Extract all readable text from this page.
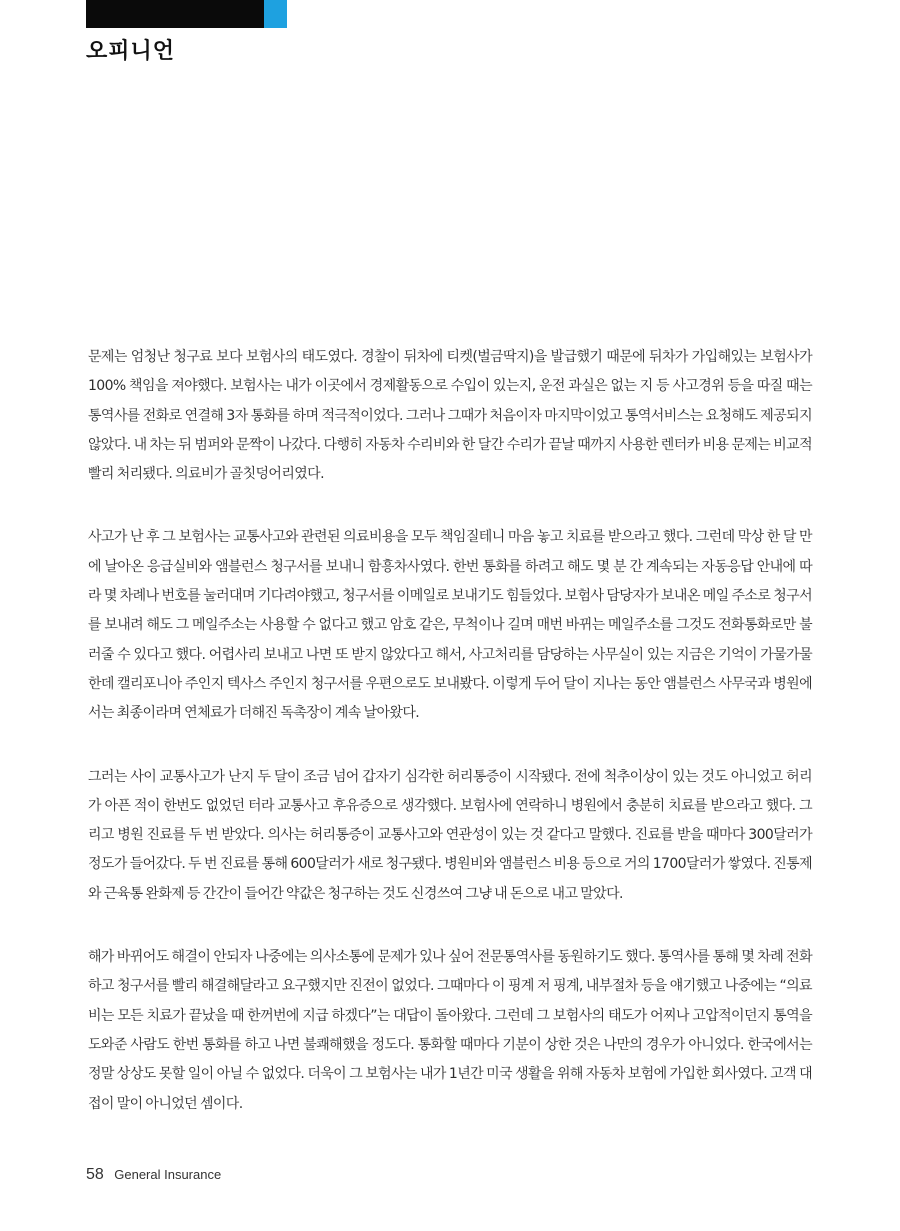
오피니언

문제는 엄청난 청구료 보다 보험사의 태도였다. 경찰이 뒤차에 티켓(벌금딱지)을 발급했기 때문에 뒤차가 가입해있는 보험사가 100% 책임을 져야했다. 보험사는 내가 이곳에서 경제활동으로 수입이 있는지, 운전 과실은 없는 지 등 사고경위 등을 따질 때는 통역사를 전화로 연결해 3자 통화를 하며 적극적이었다. 그러나 그때가 처음이자 마지막이었고 통역서비스는 요청해도 제공되지 않았다. 내 차는 뒤 범퍼와 문짝이 나갔다. 다행히 자동차 수리비와 한 달간 수리가 끝날 때까지 사용한 렌터카 비용 문제는 비교적 빨리 처리됐다. 의료비가 골칫덩어리였다.

사고가 난 후 그 보험사는 교통사고와 관련된 의료비용을 모두 책임질테니 마음 놓고 치료를 받으라고 했다. 그런데 막상 한 달 만에 날아온 응급실비와 앰블런스 청구서를 보내니 함흥차사였다. 한번 통화를 하려고 해도 몇 분 간 계속되는 자동응답 안내에 따라 몇 차례나 번호를 눌러대며 기다려야했고, 청구서를 이메일로 보내기도 힘들었다. 보험사 담당자가 보내온 메일 주소로 청구서를 보내려 해도 그 메일주소는 사용할 수 없다고 했고 암호 같은, 무척이나 길며 매번 바뀌는 메일주소를 그것도 전화통화로만 불러줄 수 있다고 했다. 어렵사리 보내고 나면 또 받지 않았다고 해서, 사고처리를 담당하는 사무실이 있는 지금은 기억이 가물가물한데 캘리포니아 주인지 텍사스 주인지 청구서를 우편으로도 보내봤다. 이렇게 두어 달이 지나는 동안 앰블런스 사무국과 병원에서는 최종이라며 연체료가 더해진 독촉장이 계속 날아왔다.

그러는 사이 교통사고가 난지 두 달이 조금 넘어 갑자기 심각한 허리통증이 시작됐다. 전에 척추이상이 있는 것도 아니었고 허리가 아픈 적이 한번도 없었던 터라 교통사고 후유증으로 생각했다. 보험사에 연락하니 병원에서 충분히 치료를 받으라고 했다. 그리고 병원 진료를 두 번 받았다. 의사는 허리통증이 교통사고와 연관성이 있는 것 같다고 말했다. 진료를 받을 때마다 300달러가 정도가 들어갔다. 두 번 진료를 통해 600달러가 새로 청구됐다. 병원비와 앰블런스 비용 등으로 거의 1700달러가 쌓였다. 진통제와 근육통 완화제 등 간간이 들어간 약값은 청구하는 것도 신경쓰여 그냥 내 돈으로 내고 말았다.

해가 바뀌어도 해결이 안되자 나중에는 의사소통에 문제가 있나 싶어 전문통역사를 동원하기도 했다. 통역사를 통해 몇 차례 전화하고 청구서를 빨리 해결해달라고 요구했지만 진전이 없었다. 그때마다 이 핑계 저 핑계, 내부절차 등을 얘기했고 나중에는 “의료비는 모든 치료가 끝났을 때 한꺼번에 지급 하겠다”는 대답이 돌아왔다. 그런데 그 보험사의 태도가 어찌나 고압적이던지 통역을 도와준 사람도 한번 통화를 하고 나면 불쾌해했을 정도다. 통화할 때마다 기분이 상한 것은 나만의 경우가 아니었다. 한국에서는 정말 상상도 못할 일이 아닐 수 없었다. 더욱이 그 보험사는 내가 1년간 미국 생활을 위해 자동차 보험에 가입한 회사였다. 고객 대접이 말이 아니었던 셈이다.

58 General Insurance
